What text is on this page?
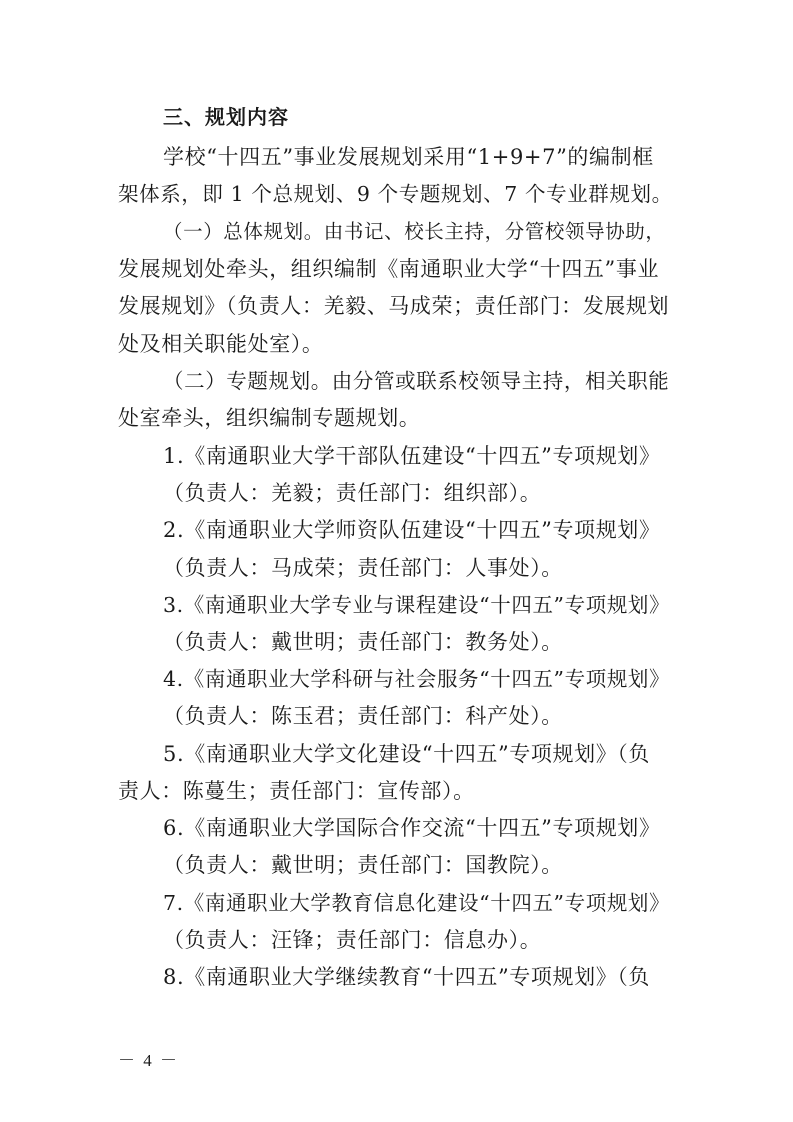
三、规划内容
学校“十四五”事业发展规划采用“1+9+7”的编制框
架体系，即 1 个总规划、9 个专题规划、7 个专业群规划。
（一）总体规划。由书记、校长主持，分管校领导协助，
发展规划处牵头，组织编制《南通职业大学“十四五”事业
发展规划》（负责人：羌毅、马成荣；责任部门：发展规划
处及相关职能处室）。
（二）专题规划。由分管或联系校领导主持，相关职能
处室牵头，组织编制专题规划。
1.《南通职业大学干部队伍建设“十四五”专项规划》
（负责人：羌毅；责任部门：组织部）。
2.《南通职业大学师资队伍建设“十四五”专项规划》
（负责人：马成荣；责任部门：人事处）。
3.《南通职业大学专业与课程建设“十四五”专项规划》
（负责人：戴世明；责任部门：教务处）。
4.《南通职业大学科研与社会服务“十四五”专项规划》
（负责人：陈玉君；责任部门：科产处）。
5.《南通职业大学文化建设“十四五”专项规划》（负
责人：陈蔓生；责任部门：宣传部）。
6.《南通职业大学国际合作交流“十四五”专项规划》
（负责人：戴世明；责任部门：国教院）。
7.《南通职业大学教育信息化建设“十四五”专项规划》
（负责人：汪锋；责任部门：信息办）。
8.《南通职业大学继续教育“十四五”专项规划》（负
－ 4 －
